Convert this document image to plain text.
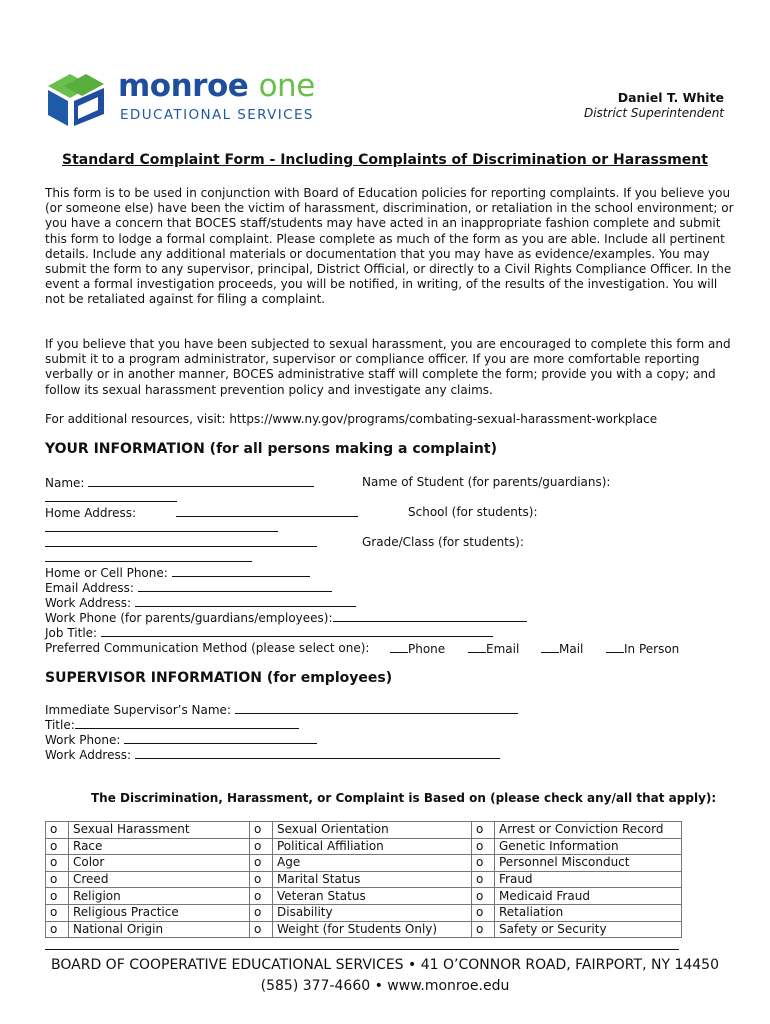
monroe one
EDUCATIONAL SERVICES
Daniel T. White
District Superintendent
Standard Complaint Form - Including Complaints of Discrimination or Harassment
This form is to be used in conjunction with Board of Education policies for reporting complaints. If you believe you (or someone else) have been the victim of harassment, discrimination, or retaliation in the school environment; or you have a concern that BOCES staff/students may have acted in an inappropriate fashion complete and submit this form to lodge a formal complaint. Please complete as much of the form as you are able. Include all pertinent details. Include any additional materials or documentation that you may have as evidence/examples. You may submit the form to any supervisor, principal, District Official, or directly to a Civil Rights Compliance Officer. In the event a formal investigation proceeds, you will be notified, in writing, of the results of the investigation. You will not be retaliated against for filing a complaint.
If you believe that you have been subjected to sexual harassment, you are encouraged to complete this form and submit it to a program administrator, supervisor or compliance officer. If you are more comfortable reporting verbally or in another manner, BOCES administrative staff will complete the form; provide you with a copy; and follow its sexual harassment prevention policy and investigate any claims.
For additional resources, visit: https://www.ny.gov/programs/combating-sexual-harassment-workplace
YOUR INFORMATION (for all persons making a complaint)
Name:	Name of Student (for parents/guardians):
Home Address:	School (for students):
Grade/Class (for students):
Home or Cell Phone:
Email Address:
Work Address:
Work Phone (for parents/guardians/employees):
Job Title:
Preferred Communication Method (please select one):	Phone	Email	Mail	In Person
SUPERVISOR INFORMATION (for employees)
Immediate Supervisor’s Name:
Title:
Work Phone:
Work Address:
The Discrimination, Harassment, or Complaint is Based on (please check any/all that apply):
o	Sexual Harassment	o	Sexual Orientation	o	Arrest or Conviction Record
o	Race	o	Political Affiliation	o	Genetic Information
o	Color	o	Age	o	Personnel Misconduct
o	Creed	o	Marital Status	o	Fraud
o	Religion	o	Veteran Status	o	Medicaid Fraud
o	Religious Practice	o	Disability	o	Retaliation
o	National Origin	o	Weight (for Students Only)	o	Safety or Security
BOARD OF COOPERATIVE EDUCATIONAL SERVICES • 41 O’CONNOR ROAD, FAIRPORT, NY 14450
(585) 377-4660 • www.monroe.edu
